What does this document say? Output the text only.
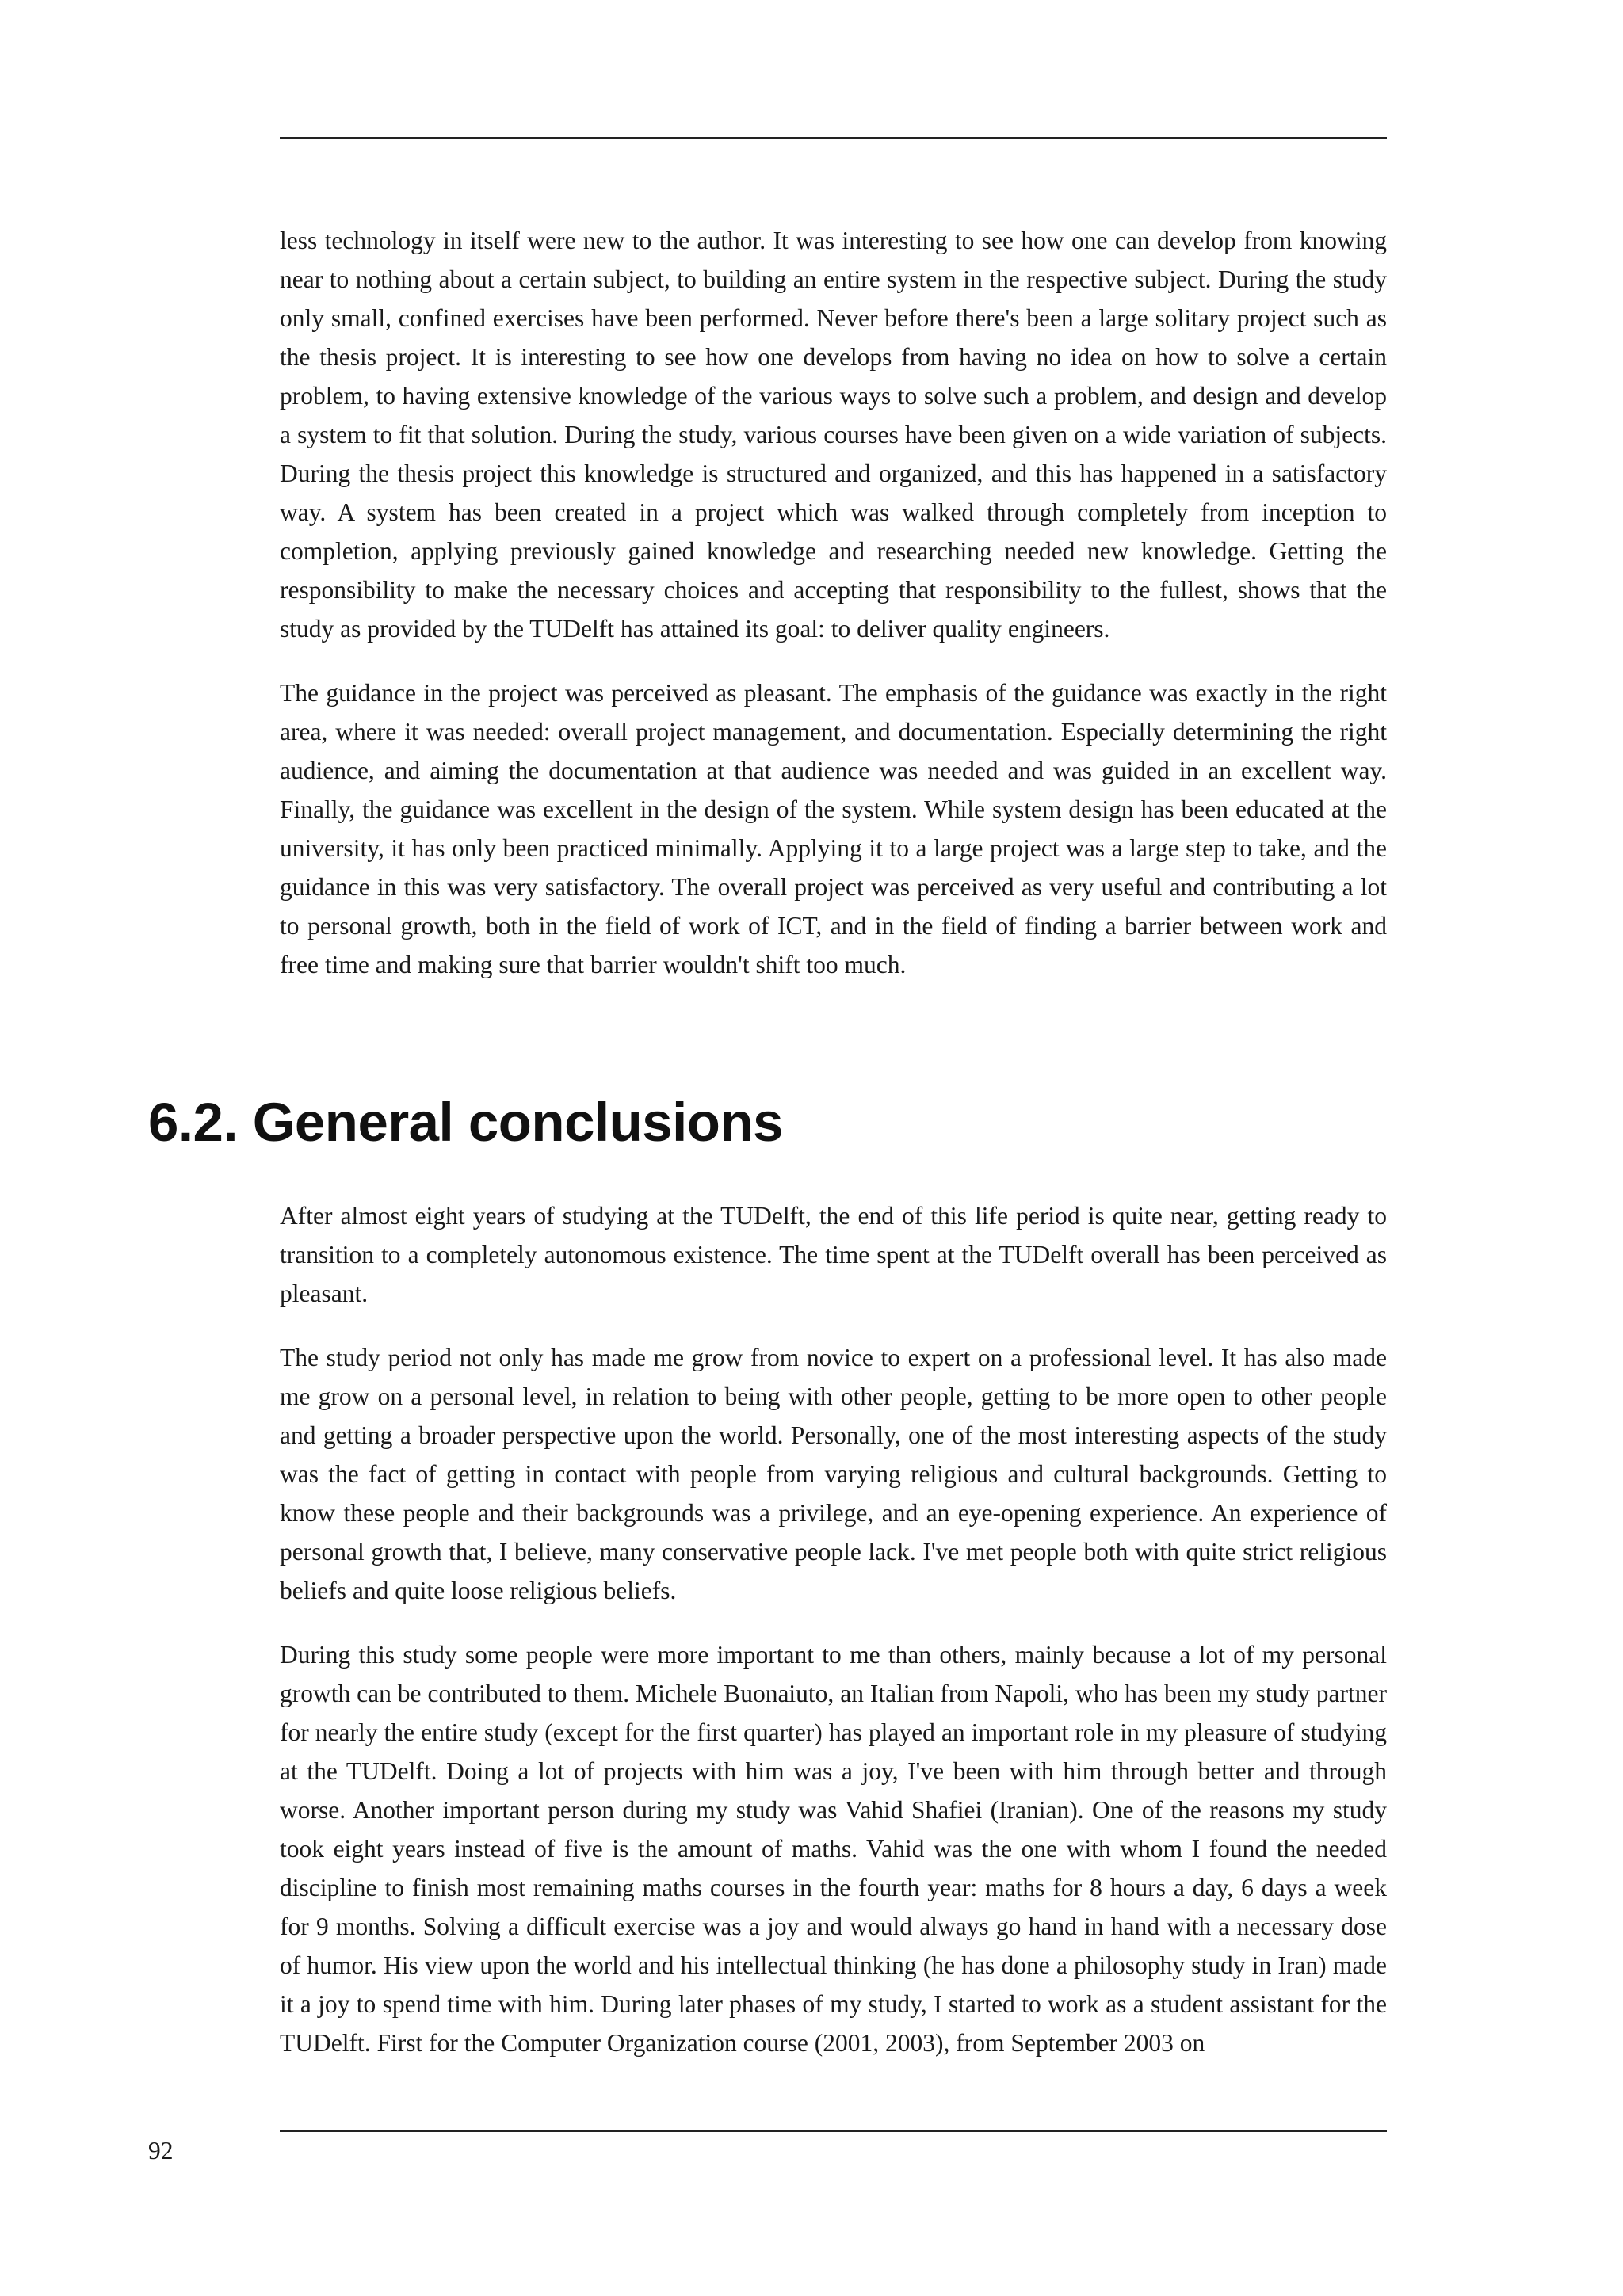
less technology in itself were new to the author. It was interesting to see how one can develop from knowing near to nothing about a certain subject, to building an entire system in the respective subject. During the study only small, confined exercises have been performed. Never before there's been a large solitary project such as the thesis project. It is interesting to see how one develops from having no idea on how to solve a certain problem, to having extensive knowledge of the various ways to solve such a problem, and design and develop a system to fit that solution. During the study, various courses have been given on a wide variation of subjects. During the thesis project this knowledge is structured and organized, and this has happened in a satisfactory way. A system has been created in a project which was walked through completely from inception to completion, applying previously gained knowledge and researching needed new knowledge. Getting the responsibility to make the necessary choices and accepting that responsibility to the fullest, shows that the study as provided by the TUDelft has attained its goal: to deliver quality engineers.

The guidance in the project was perceived as pleasant. The emphasis of the guidance was exactly in the right area, where it was needed: overall project management, and documentation. Especially determining the right audience, and aiming the documentation at that audience was needed and was guided in an excellent way. Finally, the guidance was excellent in the design of the system. While system design has been educated at the university, it has only been practiced minimally. Applying it to a large project was a large step to take, and the guidance in this was very satisfactory. The overall project was perceived as very useful and contributing a lot to personal growth, both in the field of work of ICT, and in the field of finding a barrier between work and free time and making sure that barrier wouldn't shift too much.

6.2. General conclusions

After almost eight years of studying at the TUDelft, the end of this life period is quite near, getting ready to transition to a completely autonomous existence. The time spent at the TUDelft overall has been perceived as pleasant.

The study period not only has made me grow from novice to expert on a professional level. It has also made me grow on a personal level, in relation to being with other people, getting to be more open to other people and getting a broader perspective upon the world. Personally, one of the most interesting aspects of the study was the fact of getting in contact with people from varying religious and cultural backgrounds. Getting to know these people and their backgrounds was a privilege, and an eye-opening experience. An experience of personal growth that, I believe, many conservative people lack. I've met people both with quite strict religious beliefs and quite loose religious beliefs.

During this study some people were more important to me than others, mainly because a lot of my personal growth can be contributed to them. Michele Buonaiuto, an Italian from Napoli, who has been my study partner for nearly the entire study (except for the first quarter) has played an important role in my pleasure of studying at the TUDelft. Doing a lot of projects with him was a joy, I've been with him through better and through worse. Another important person during my study was Vahid Shafiei (Iranian). One of the reasons my study took eight years instead of five is the amount of maths. Vahid was the one with whom I found the needed discipline to finish most remaining maths courses in the fourth year: maths for 8 hours a day, 6 days a week for 9 months. Solving a difficult exercise was a joy and would always go hand in hand with a necessary dose of humor. His view upon the world and his intellectual thinking (he has done a philosophy study in Iran) made it a joy to spend time with him. During later phases of my study, I started to work as a student assistant for the TUDelft. First for the Computer Organization course (2001, 2003), from September 2003 on

92
